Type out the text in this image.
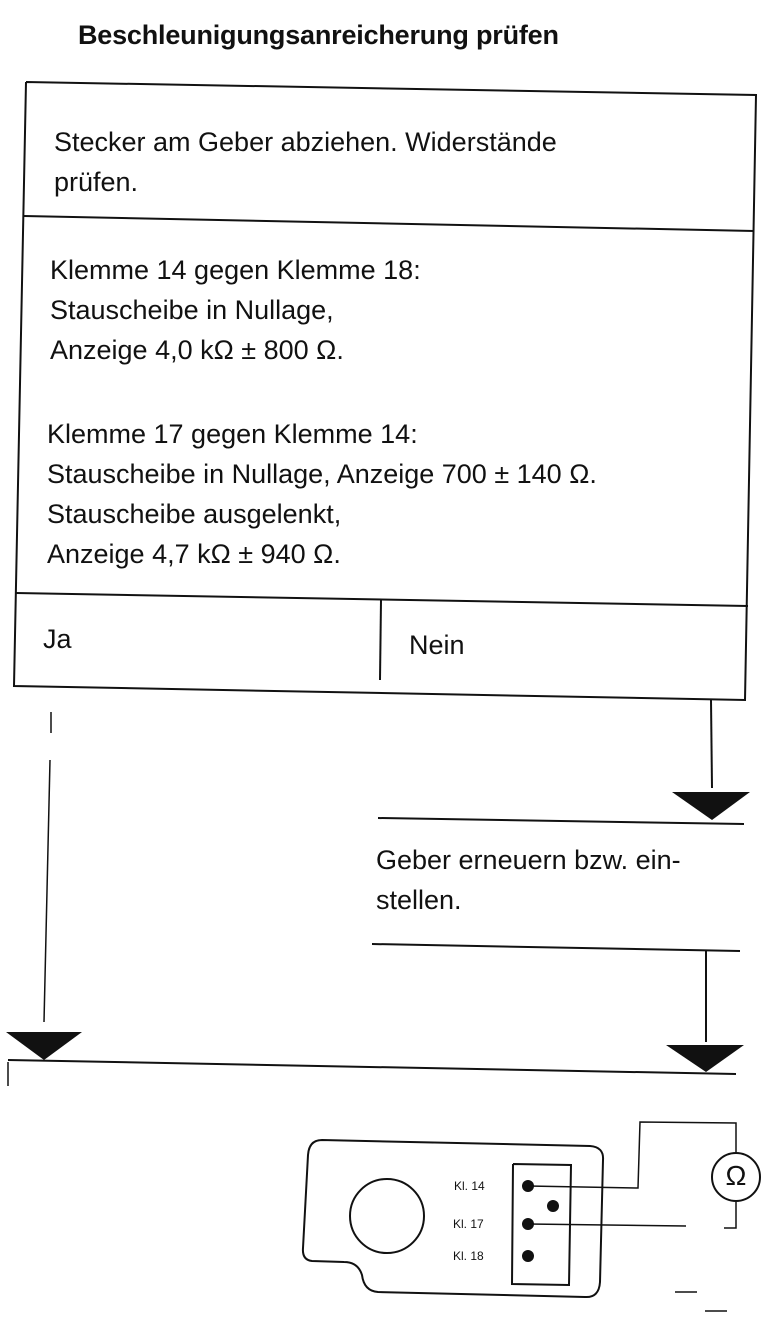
Beschleunigungsanreicherung prüfen
Stecker am Geber abziehen. Widerstände
prüfen.
Klemme 14 gegen Klemme 18:
Stauscheibe in Nullage,
Anzeige 4,0 kΩ ± 800 Ω.
Klemme 17 gegen Klemme 14:
Stauscheibe in Nullage, Anzeige 700 ± 140 Ω.
Stauscheibe ausgelenkt,
Anzeige 4,7 kΩ ± 940 Ω.
Ja	Nein
Geber erneuern bzw. ein-
stellen.
Kl. 14
Kl. 17
Kl. 18
Ω
